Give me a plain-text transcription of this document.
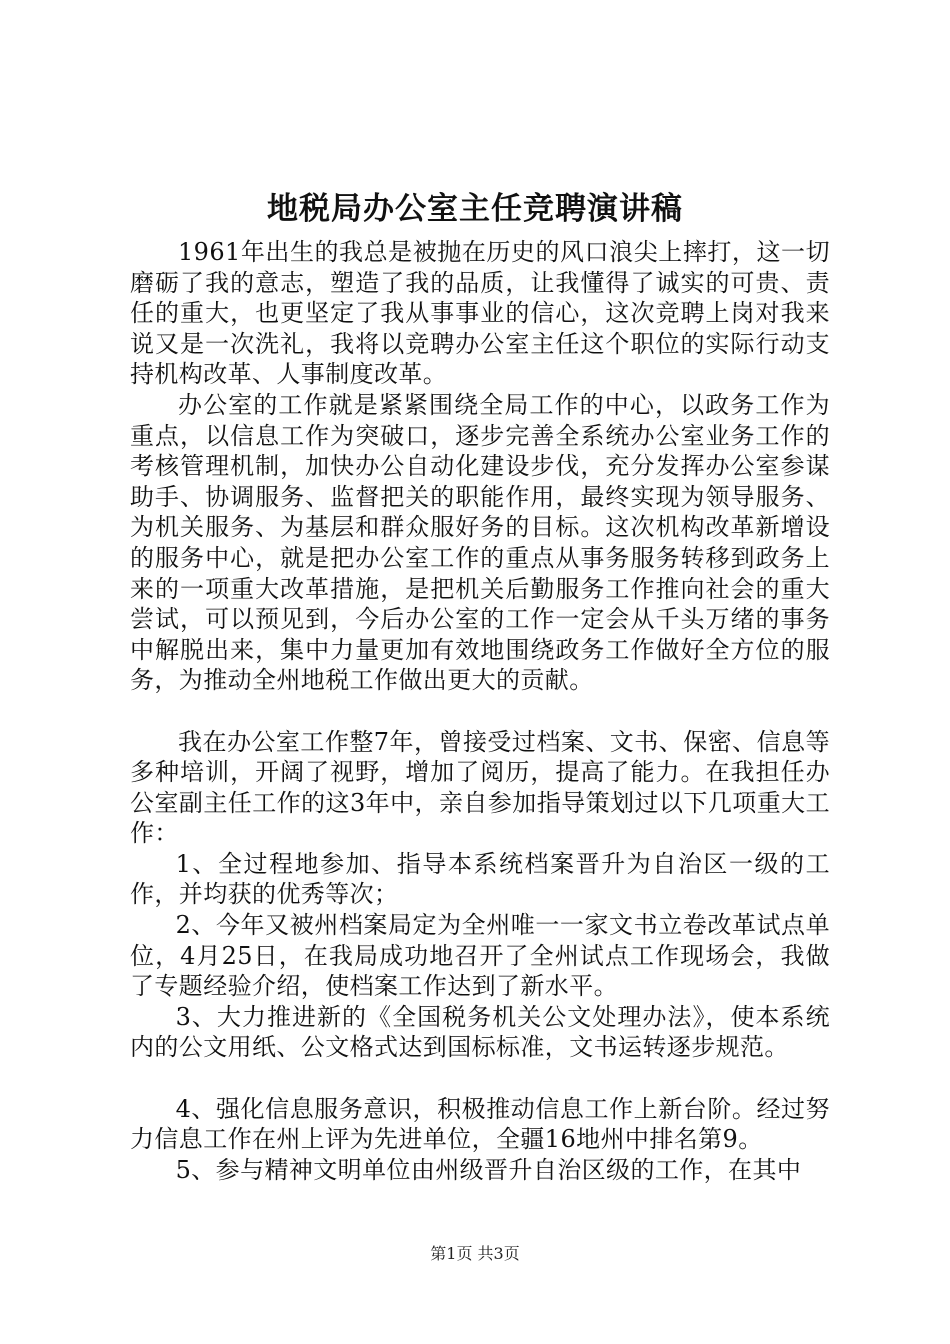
地税局办公室主任竞聘演讲稿

1961年出生的我总是被抛在历史的风口浪尖上摔打，这一切磨砺了我的意志，塑造了我的品质，让我懂得了诚实的可贵、责任的重大，也更坚定了我从事事业的信心，这次竞聘上岗对我来说又是一次洗礼，我将以竞聘办公室主任这个职位的实际行动支持机构改革、人事制度改革。

办公室的工作就是紧紧围绕全局工作的中心，以政务工作为重点，以信息工作为突破口，逐步完善全系统办公室业务工作的考核管理机制，加快办公自动化建设步伐，充分发挥办公室参谋助手、协调服务、监督把关的职能作用，最终实现为领导服务、为机关服务、为基层和群众服好务的目标。这次机构改革新增设的服务中心，就是把办公室工作的重点从事务服务转移到政务上来的一项重大改革措施，是把机关后勤服务工作推向社会的重大尝试，可以预见到，今后办公室的工作一定会从千头万绪的事务中解脱出来，集中力量更加有效地围绕政务工作做好全方位的服务，为推动全州地税工作做出更大的贡献。

我在办公室工作整7年，曾接受过档案、文书、保密、信息等多种培训，开阔了视野，增加了阅历，提高了能力。在我担任办公室副主任工作的这3年中，亲自参加指导策划过以下几项重大工作：

1、全过程地参加、指导本系统档案晋升为自治区一级的工作，并均获的优秀等次；

2、今年又被州档案局定为全州唯一一家文书立卷改革试点单位，4月25日，在我局成功地召开了全州试点工作现场会，我做了专题经验介绍，使档案工作达到了新水平。

3、大力推进新的《全国税务机关公文处理办法》，使本系统内的公文用纸、公文格式达到国标标准，文书运转逐步规范。

4、强化信息服务意识，积极推动信息工作上新台阶。经过努力信息工作在州上评为先进单位，全疆16地州中排名第9。

5、参与精神文明单位由州级晋升自治区级的工作，在其中

第1页 共3页
